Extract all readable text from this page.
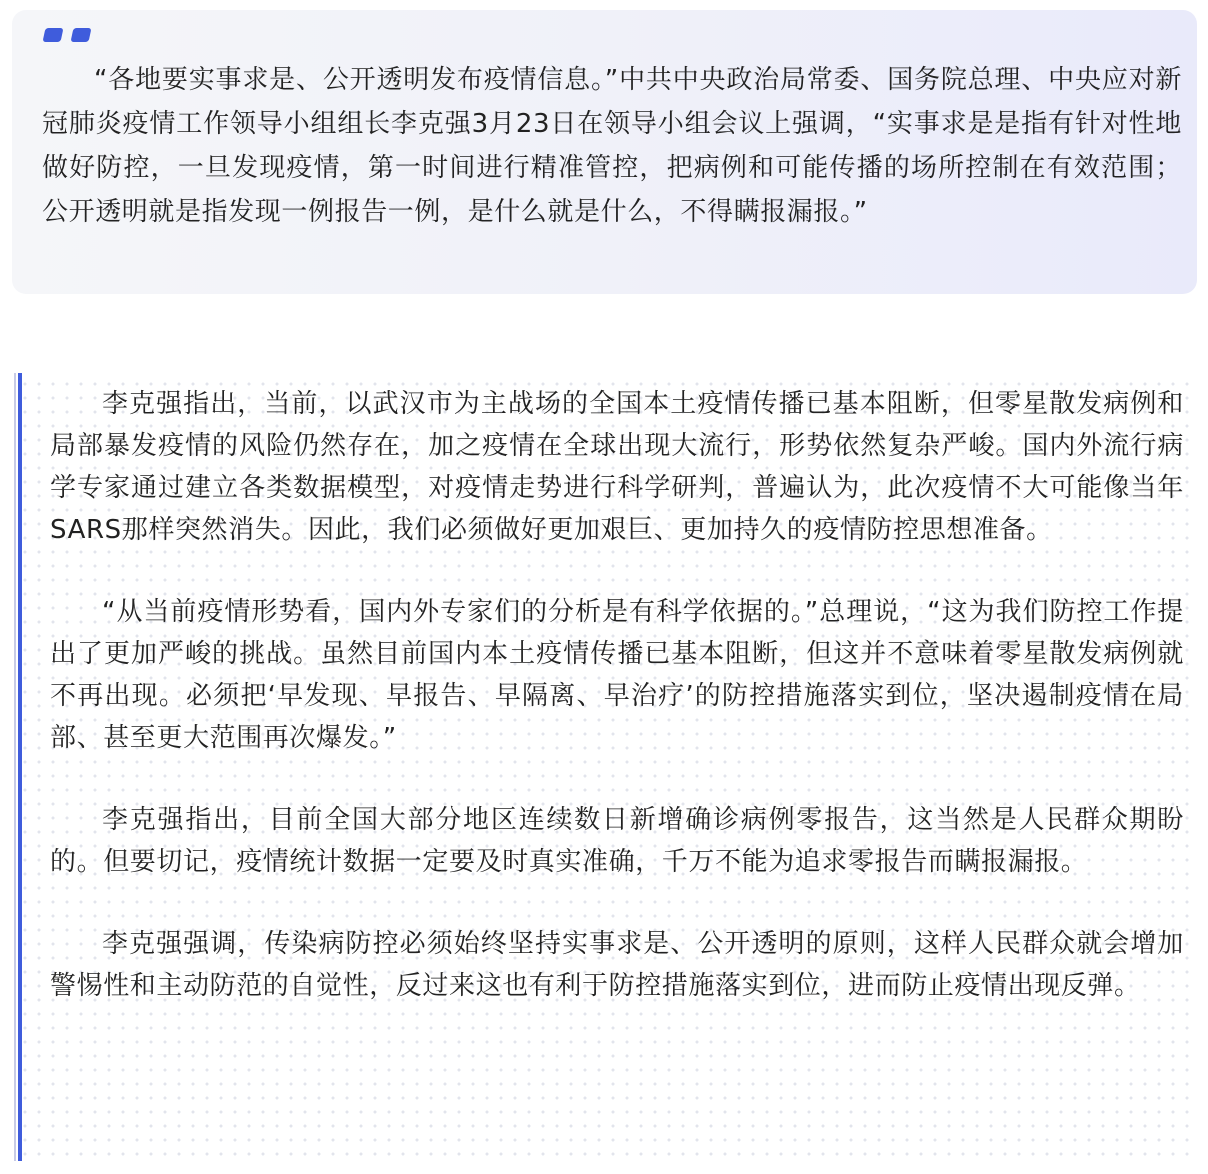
“各地要实事求是、公开透明发布疫情信息。”中共中央政治局常委、国务院总理、中央应对新冠肺炎疫情工作领导小组组长李克强3月23日在领导小组会议上强调，“实事求是是指有针对性地做好防控，一旦发现疫情，第一时间进行精准管控，把病例和可能传播的场所控制在有效范围；公开透明就是指发现一例报告一例，是什么就是什么，不得瞒报漏报。”

李克强指出，当前，以武汉市为主战场的全国本土疫情传播已基本阻断，但零星散发病例和局部暴发疫情的风险仍然存在，加之疫情在全球出现大流行，形势依然复杂严峻。国内外流行病学专家通过建立各类数据模型，对疫情走势进行科学研判，普遍认为，此次疫情不大可能像当年SARS那样突然消失。因此，我们必须做好更加艰巨、更加持久的疫情防控思想准备。

“从当前疫情形势看，国内外专家们的分析是有科学依据的。”总理说，“这为我们防控工作提出了更加严峻的挑战。虽然目前国内本土疫情传播已基本阻断，但这并不意味着零星散发病例就不再出现。必须把‘早发现、早报告、早隔离、早治疗’的防控措施落实到位，坚决遏制疫情在局部、甚至更大范围再次爆发。”

李克强指出，目前全国大部分地区连续数日新增确诊病例零报告，这当然是人民群众期盼的。但要切记，疫情统计数据一定要及时真实准确，千万不能为追求零报告而瞒报漏报。

李克强强调，传染病防控必须始终坚持实事求是、公开透明的原则，这样人民群众就会增加警惕性和主动防范的自觉性，反过来这也有利于防控措施落实到位，进而防止疫情出现反弹。
